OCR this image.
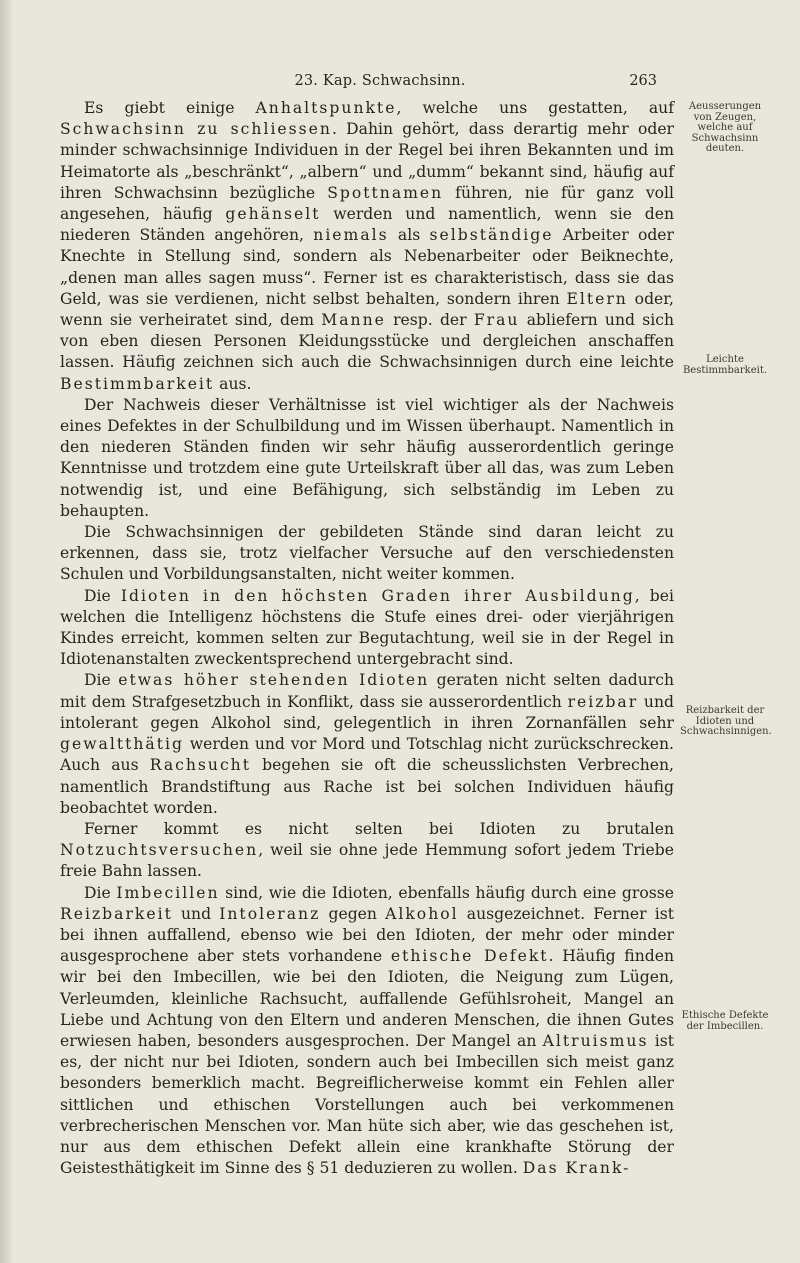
23. Kap. Schwachsinn.	263

Es giebt einige Anhaltspunkte, welche uns gestatten, auf Schwachsinn zu schliessen. Dahin gehört, dass derartig mehr oder minder schwachsinnige Individuen in der Regel bei ihren Bekannten und im Heimatorte als „beschränkt“, „albern“ und „dumm“ bekannt sind, häufig auf ihren Schwachsinn bezügliche Spottnamen führen, nie für ganz voll angesehen, häufig gehänselt werden und namentlich, wenn sie den niederen Ständen angehören, niemals als selbständige Arbeiter oder Knechte in Stellung sind, sondern als Nebenarbeiter oder Beiknechte, „denen man alles sagen muss“. Ferner ist es charakteristisch, dass sie das Geld, was sie verdienen, nicht selbst behalten, sondern ihren Eltern oder, wenn sie verheiratet sind, dem Manne resp. der Frau abliefern und sich von eben diesen Personen Kleidungsstücke und dergleichen anschaffen lassen. Häufig zeichnen sich auch die Schwachsinnigen durch eine leichte Bestimmbarkeit aus.

Der Nachweis dieser Verhältnisse ist viel wichtiger als der Nachweis eines Defektes in der Schulbildung und im Wissen überhaupt. Namentlich in den niederen Ständen finden wir sehr häufig ausserordentlich geringe Kenntnisse und trotzdem eine gute Urteilskraft über all das, was zum Leben notwendig ist, und eine Befähigung, sich selbständig im Leben zu behaupten.

Die Schwachsinnigen der gebildeten Stände sind daran leicht zu erkennen, dass sie, trotz vielfacher Versuche auf den verschiedensten Schulen und Vorbildungsanstalten, nicht weiter kommen.

Die Idioten in den höchsten Graden ihrer Ausbildung, bei welchen die Intelligenz höchstens die Stufe eines drei- oder vierjährigen Kindes erreicht, kommen selten zur Begutachtung, weil sie in der Regel in Idiotenanstalten zweckentsprechend untergebracht sind.

Die etwas höher stehenden Idioten geraten nicht selten dadurch mit dem Strafgesetzbuch in Konflikt, dass sie ausserordentlich reizbar und intolerant gegen Alkohol sind, gelegentlich in ihren Zornanfällen sehr gewaltthätig werden und vor Mord und Totschlag nicht zurückschrecken. Auch aus Rachsucht begehen sie oft die scheusslichsten Verbrechen, namentlich Brandstiftung aus Rache ist bei solchen Individuen häufig beobachtet worden.

Ferner kommt es nicht selten bei Idioten zu brutalen Notzuchtsversuchen, weil sie ohne jede Hemmung sofort jedem Triebe freie Bahn lassen.

Die Imbecillen sind, wie die Idioten, ebenfalls häufig durch eine grosse Reizbarkeit und Intoleranz gegen Alkohol ausgezeichnet. Ferner ist bei ihnen auffallend, ebenso wie bei den Idioten, der mehr oder minder ausgesprochene aber stets vorhandene ethische Defekt. Häufig finden wir bei den Imbecillen, wie bei den Idioten, die Neigung zum Lügen, Verleumden, kleinliche Rachsucht, auffallende Gefühlsroheit, Mangel an Liebe und Achtung von den Eltern und anderen Menschen, die ihnen Gutes erwiesen haben, besonders ausgesprochen. Der Mangel an Altruismus ist es, der nicht nur bei Idioten, sondern auch bei Imbecillen sich meist ganz besonders bemerklich macht. Begreiflicherweise kommt ein Fehlen aller sittlichen und ethischen Vorstellungen auch bei verkommenen verbrecherischen Menschen vor. Man hüte sich aber, wie das geschehen ist, nur aus dem ethischen Defekt allein eine krankhafte Störung der Geistesthätigkeit im Sinne des § 51 deduzieren zu wollen. Das Krank-

Aeusserungen von Zeugen, welche auf Schwachsinn deuten.
Leichte Bestimmbarkeit.
Reizbarkeit der Idioten und Schwachsinnigen.
Ethische Defekte der Imbecillen.
